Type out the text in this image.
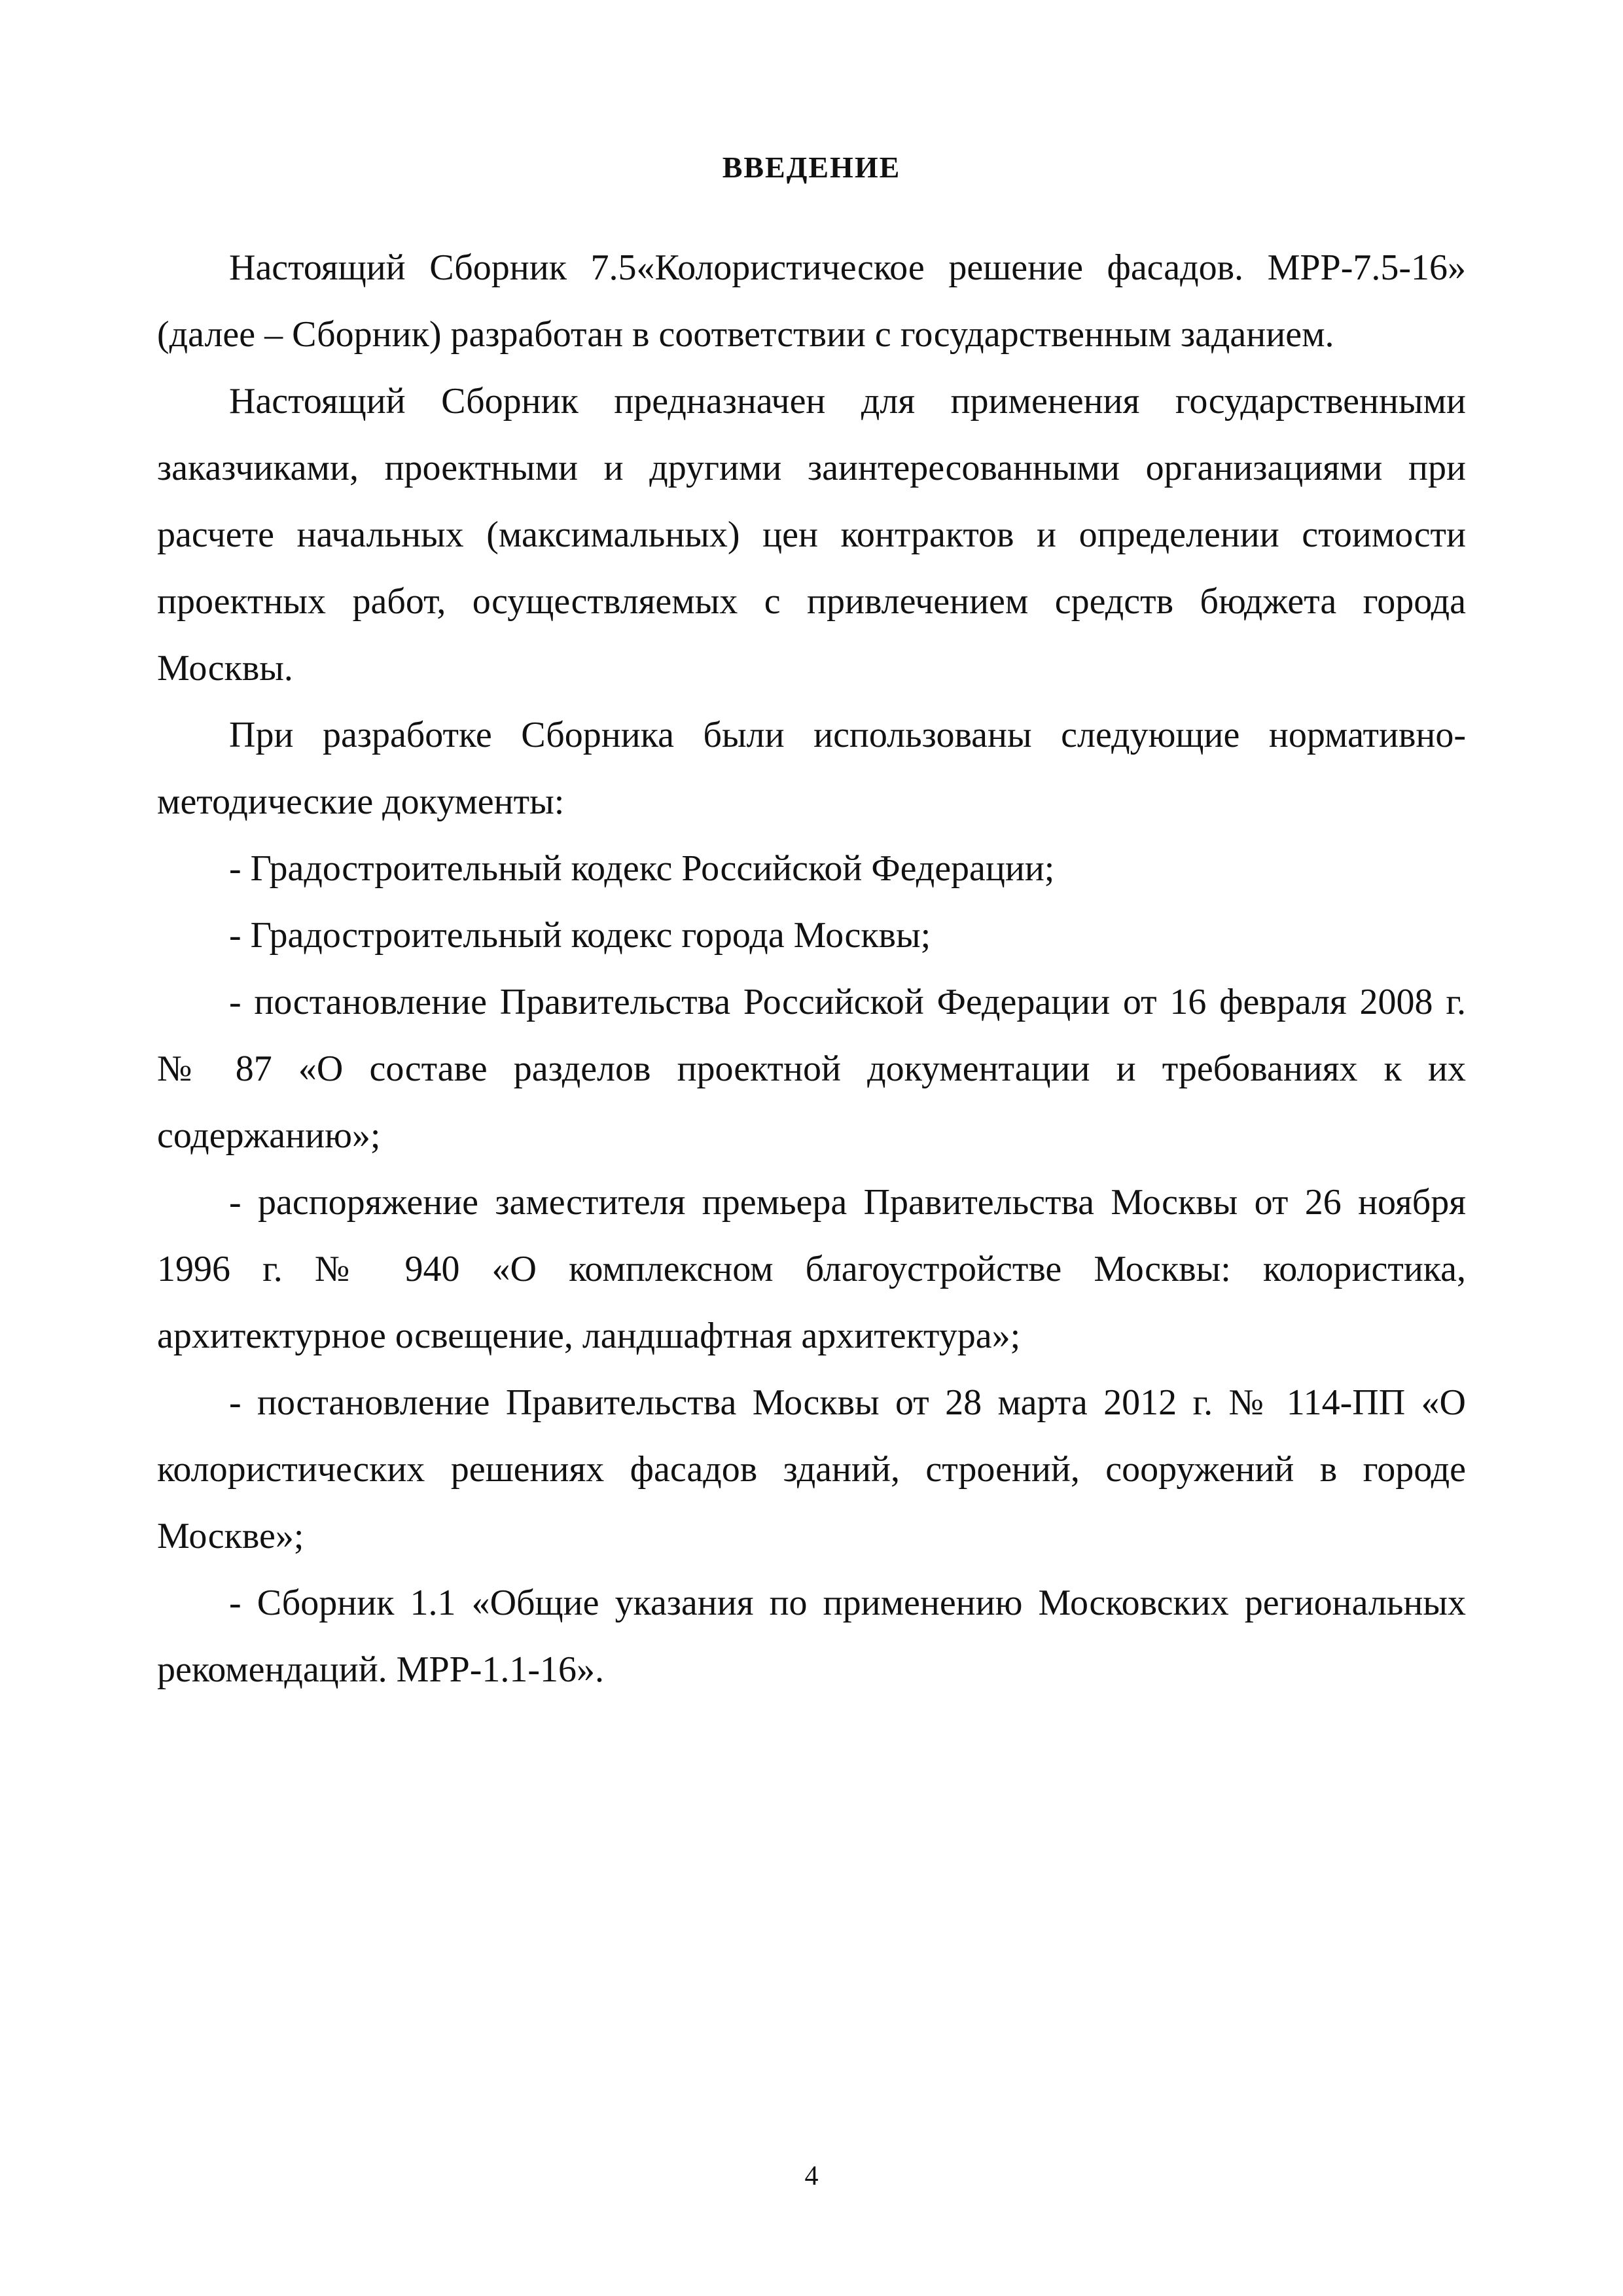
ВВЕДЕНИЕ

Настоящий Сборник 7.5«Колористическое решение фасадов. МРР-7.5-16» (далее – Сборник) разработан в соответствии с государственным заданием.

Настоящий Сборник предназначен для применения государственными заказчиками, проектными и другими заинтересованными организациями при расчете начальных (максимальных) цен контрактов и определении стоимости проектных работ, осуществляемых с привлечением средств бюджета города Москвы.

При разработке Сборника были использованы следующие нормативно-методические документы:

- Градостроительный кодекс Российской Федерации;

- Градостроительный кодекс города Москвы;

- постановление Правительства Российской Федерации от 16 февраля 2008 г. № 87 «О составе разделов проектной документации и требованиях к их содержанию»;

- распоряжение заместителя премьера Правительства Москвы от 26 ноября 1996 г. № 940 «О комплексном благоустройстве Москвы: колористика, архитектурное освещение, ландшафтная архитектура»;

- постановление Правительства Москвы от 28 марта 2012 г. № 114-ПП «О колористических решениях фасадов зданий, строений, сооружений в городе Москве»;

- Сборник 1.1 «Общие указания по применению Московских региональных рекомендаций. МРР-1.1-16».

4
